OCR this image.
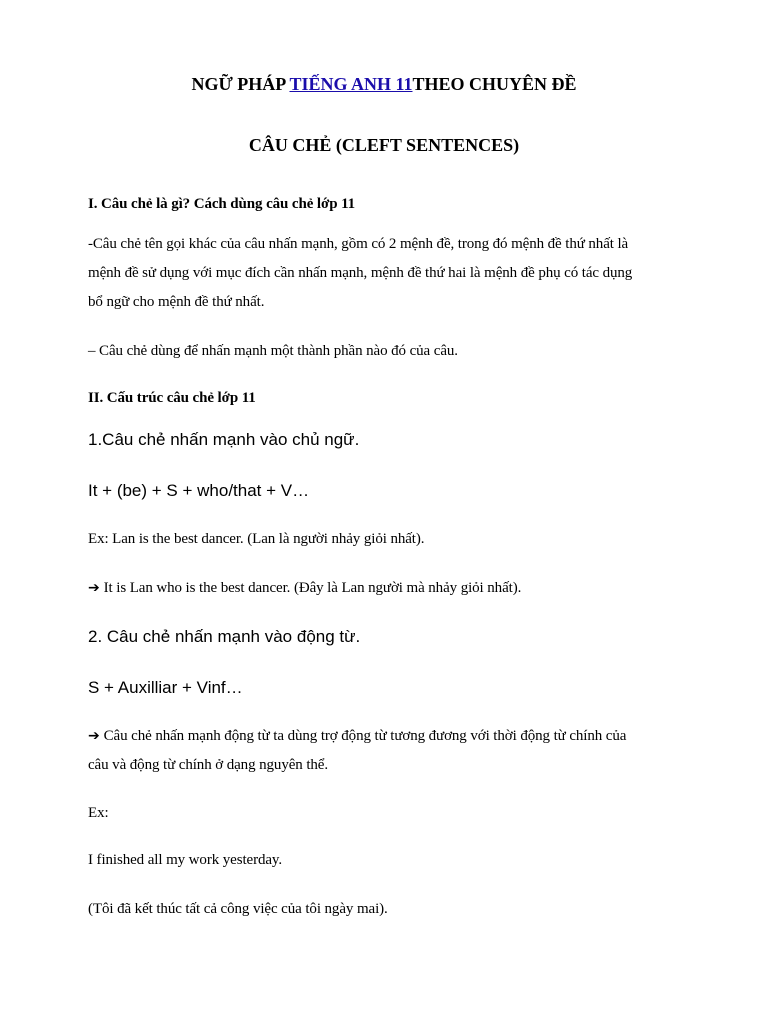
NGỮ PHÁP TIẾNG ANH 11THEO CHUYÊN ĐỀ

CÂU CHẺ (CLEFT SENTENCES)

I. Câu chẻ là gì? Cách dùng câu chẻ lớp 11

-Câu chẻ tên gọi khác của câu nhấn mạnh, gồm có 2 mệnh đề, trong đó mệnh đề thứ nhất là

mệnh đề sử dụng với mục đích cần nhấn mạnh, mệnh đề thứ hai là mệnh đề phụ có tác dụng

bổ ngữ cho mệnh đề thứ nhất.

– Câu chẻ dùng để nhấn mạnh một thành phần nào đó của câu.

II. Cấu trúc câu chẻ lớp 11

1.Câu chẻ nhấn mạnh vào chủ ngữ.

It + (be) + S + who/that + V…

Ex: Lan is the best dancer. (Lan là người nhảy giỏi nhất).

➔ It is Lan who is the best dancer. (Đây là Lan người mà nhảy giỏi nhất).

2. Câu chẻ nhấn mạnh vào động từ.

S + Auxilliar + Vinf…

➔ Câu chẻ nhấn mạnh động từ ta dùng trợ động từ tương đương với thời động từ chính của

câu và động từ chính ở dạng nguyên thể.

Ex:

I finished all my work yesterday.

(Tôi đã kết thúc tất cả công việc của tôi ngày mai).
